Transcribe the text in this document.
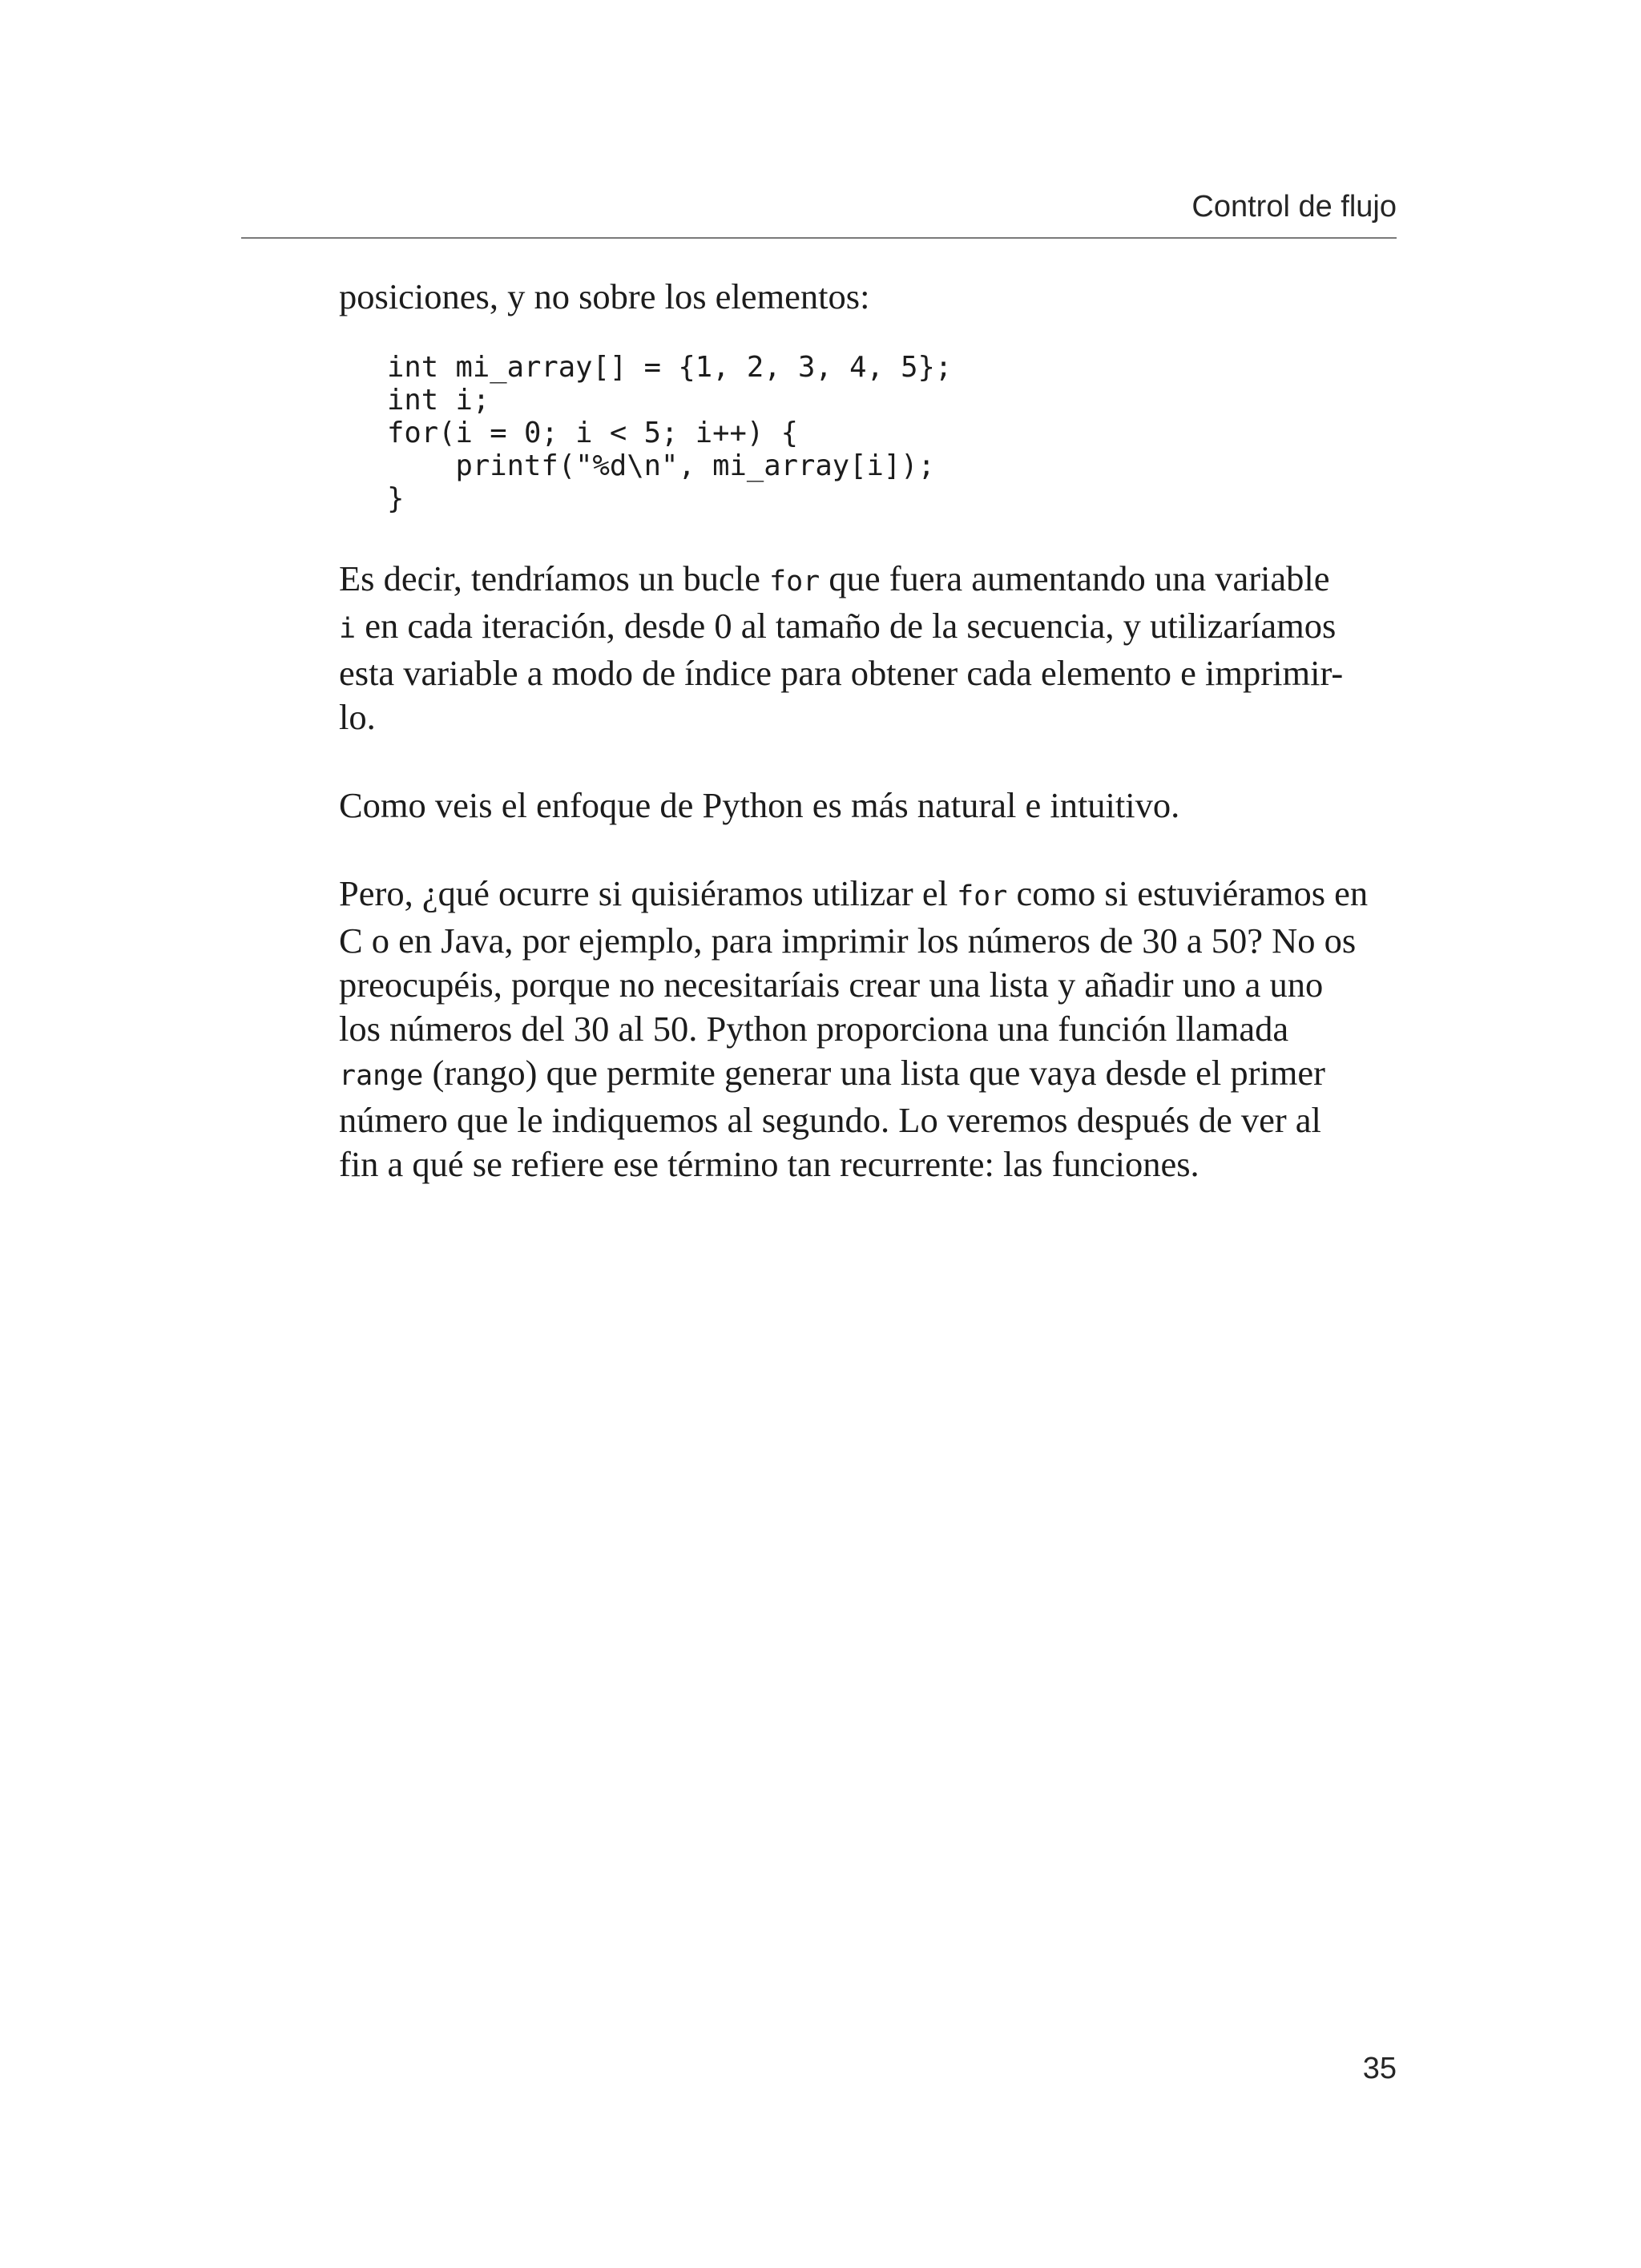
Control de flujo

posiciones, y no sobre los elementos:

int mi_array[] = {1, 2, 3, 4, 5};
int i;
for(i = 0; i < 5; i++) {
printf("%d\n", mi_array[i]);
}

Es decir, tendríamos un bucle for que fuera aumentando una variable
i en cada iteración, desde 0 al tamaño de la secuencia, y utilizaríamos
esta variable a modo de índice para obtener cada elemento e imprimir-
lo.

Como veis el enfoque de Python es más natural e intuitivo.

Pero, ¿qué ocurre si quisiéramos utilizar el for como si estuviéramos en
C o en Java, por ejemplo, para imprimir los números de 30 a 50? No os
preocupéis, porque no necesitaríais crear una lista y añadir uno a uno
los números del 30 al 50. Python proporciona una función llamada
range (rango) que permite generar una lista que vaya desde el primer
número que le indiquemos al segundo. Lo veremos después de ver al
fin a qué se refiere ese término tan recurrente: las funciones.

35
